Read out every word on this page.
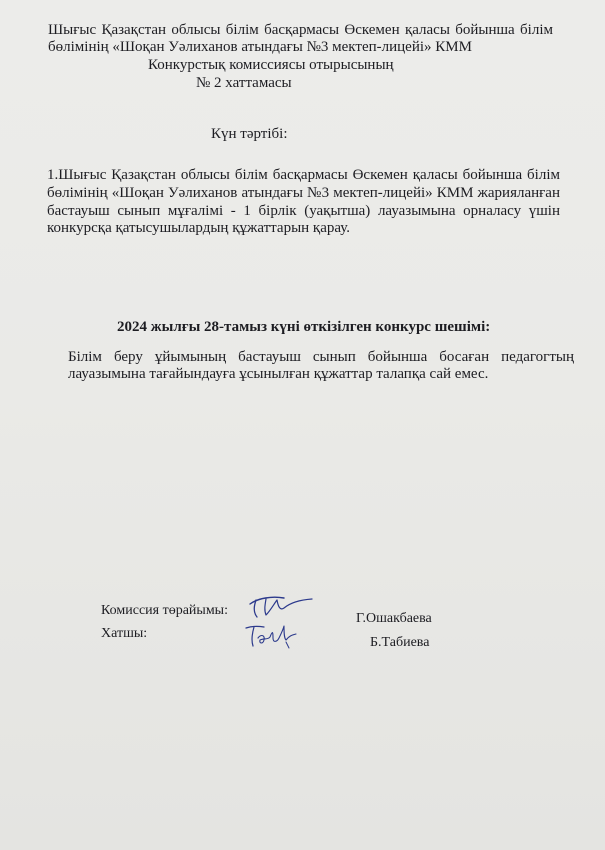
Шығыс Қазақстан облысы білім басқармасы Өскемен қаласы бойынша білім
бөлімінің «Шоқан Уәлиханов атындағы №3 мектеп-лицейі» КММ
Конкурстық комиссиясы отырысының
№ 2 хаттамасы
Күн тәртібі:
1.Шығыс Қазақстан облысы білім басқармасы Өскемен қаласы бойынша білім
бөлімінің «Шоқан Уәлиханов атындағы №3 мектеп-лицейі» КММ жарияланған
бастауыш сынып мұғалімі - 1 бірлік (уақытша) лауазымына орналасу үшін
конкурсқа қатысушылардың құжаттарын қарау.
2024 жылғы 28-тамыз күні өткізілген конкурс шешімі:
Білім беру ұйымының бастауыш сынып бойынша босаған педагогтың
лауазымына тағайындауға ұсынылған құжаттар талапқа сай емес.
Комиссия төрайымы:
Г.Ошакбаева
Хатшы:
Б.Табиева
